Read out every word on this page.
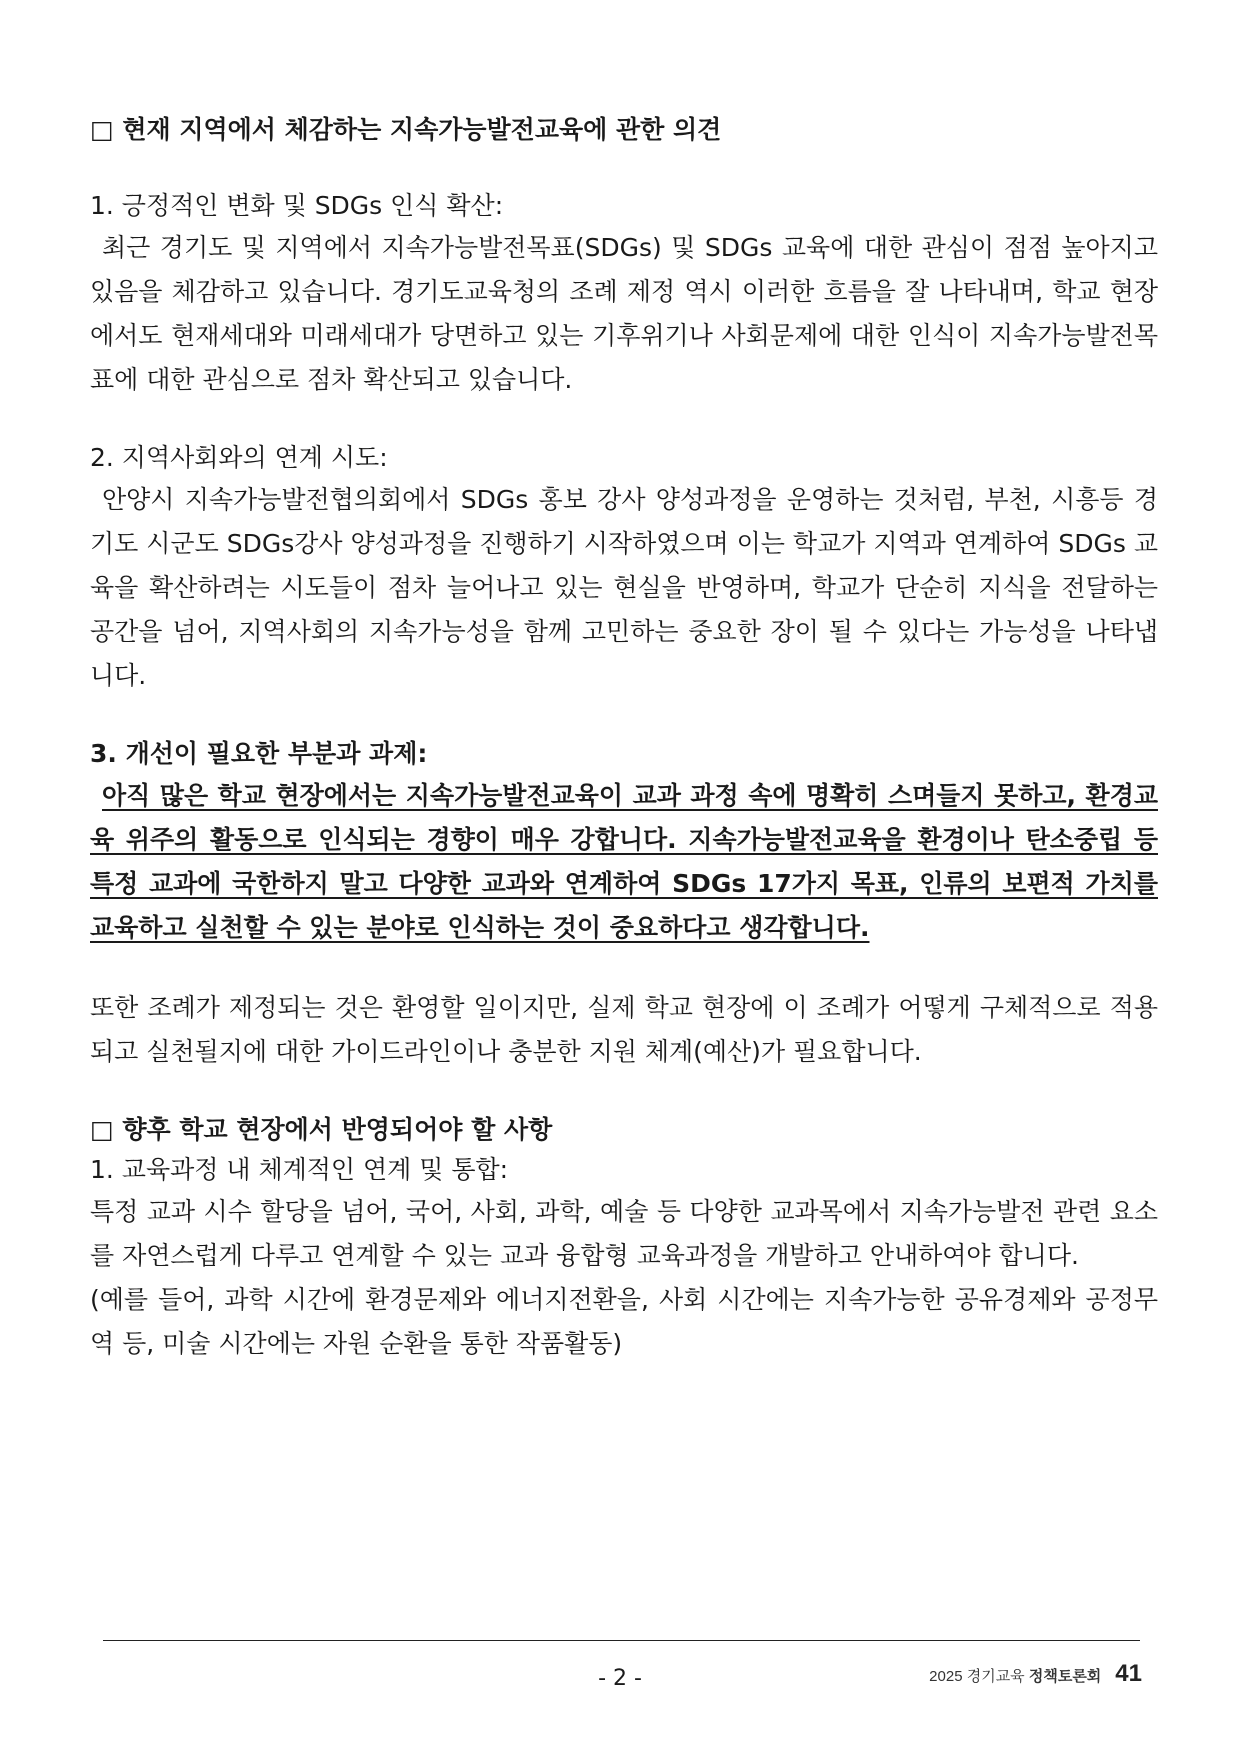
□ 현재 지역에서 체감하는 지속가능발전교육에 관한 의견

1. 긍정적인 변화 및 SDGs 인식 확산:

최근 경기도 및 지역에서 지속가능발전목표(SDGs) 및 SDGs 교육에 대한 관심이 점점 높아지고 있음을 체감하고 있습니다. 경기도교육청의 조례 제정 역시 이러한 흐름을 잘 나타내며, 학교 현장에서도 현재세대와 미래세대가 당면하고 있는 기후위기나 사회문제에 대한 인식이 지속가능발전목표에 대한 관심으로 점차 확산되고 있습니다.

2. 지역사회와의 연계 시도:

안양시 지속가능발전협의회에서 SDGs 홍보 강사 양성과정을 운영하는 것처럼, 부천, 시흥등 경기도 시군도 SDGs강사 양성과정을 진행하기 시작하였으며 이는 학교가 지역과 연계하여 SDGs 교육을 확산하려는 시도들이 점차 늘어나고 있는 현실을 반영하며, 학교가 단순히 지식을 전달하는 공간을 넘어, 지역사회의 지속가능성을 함께 고민하는 중요한 장이 될 수 있다는 가능성을 나타냅니다.

3. 개선이 필요한 부분과 과제:

아직 많은 학교 현장에서는 지속가능발전교육이 교과 과정 속에 명확히 스며들지 못하고, 환경교육 위주의 활동으로 인식되는 경향이 매우 강합니다. 지속가능발전교육을 환경이나 탄소중립 등 특정 교과에 국한하지 말고 다양한 교과와 연계하여 SDGs 17가지 목표, 인류의 보편적 가치를 교육하고 실천할 수 있는 분야로 인식하는 것이 중요하다고 생각합니다.

또한 조례가 제정되는 것은 환영할 일이지만, 실제 학교 현장에 이 조례가 어떻게 구체적으로 적용되고 실천될지에 대한 가이드라인이나 충분한 지원 체계(예산)가 필요합니다.

□ 향후 학교 현장에서 반영되어야 할 사항

1. 교육과정 내 체계적인 연계 및 통합:

특정 교과 시수 할당을 넘어, 국어, 사회, 과학, 예술 등 다양한 교과목에서 지속가능발전 관련 요소를 자연스럽게 다루고 연계할 수 있는 교과 융합형 교육과정을 개발하고 안내하여야 합니다.

(예를 들어, 과학 시간에 환경문제와 에너지전환을, 사회 시간에는 지속가능한 공유경제와 공정무역 등, 미술 시간에는 자원 순환을 통한 작품활동)

- 2 -	2025 경기교육 정책토론회 41
